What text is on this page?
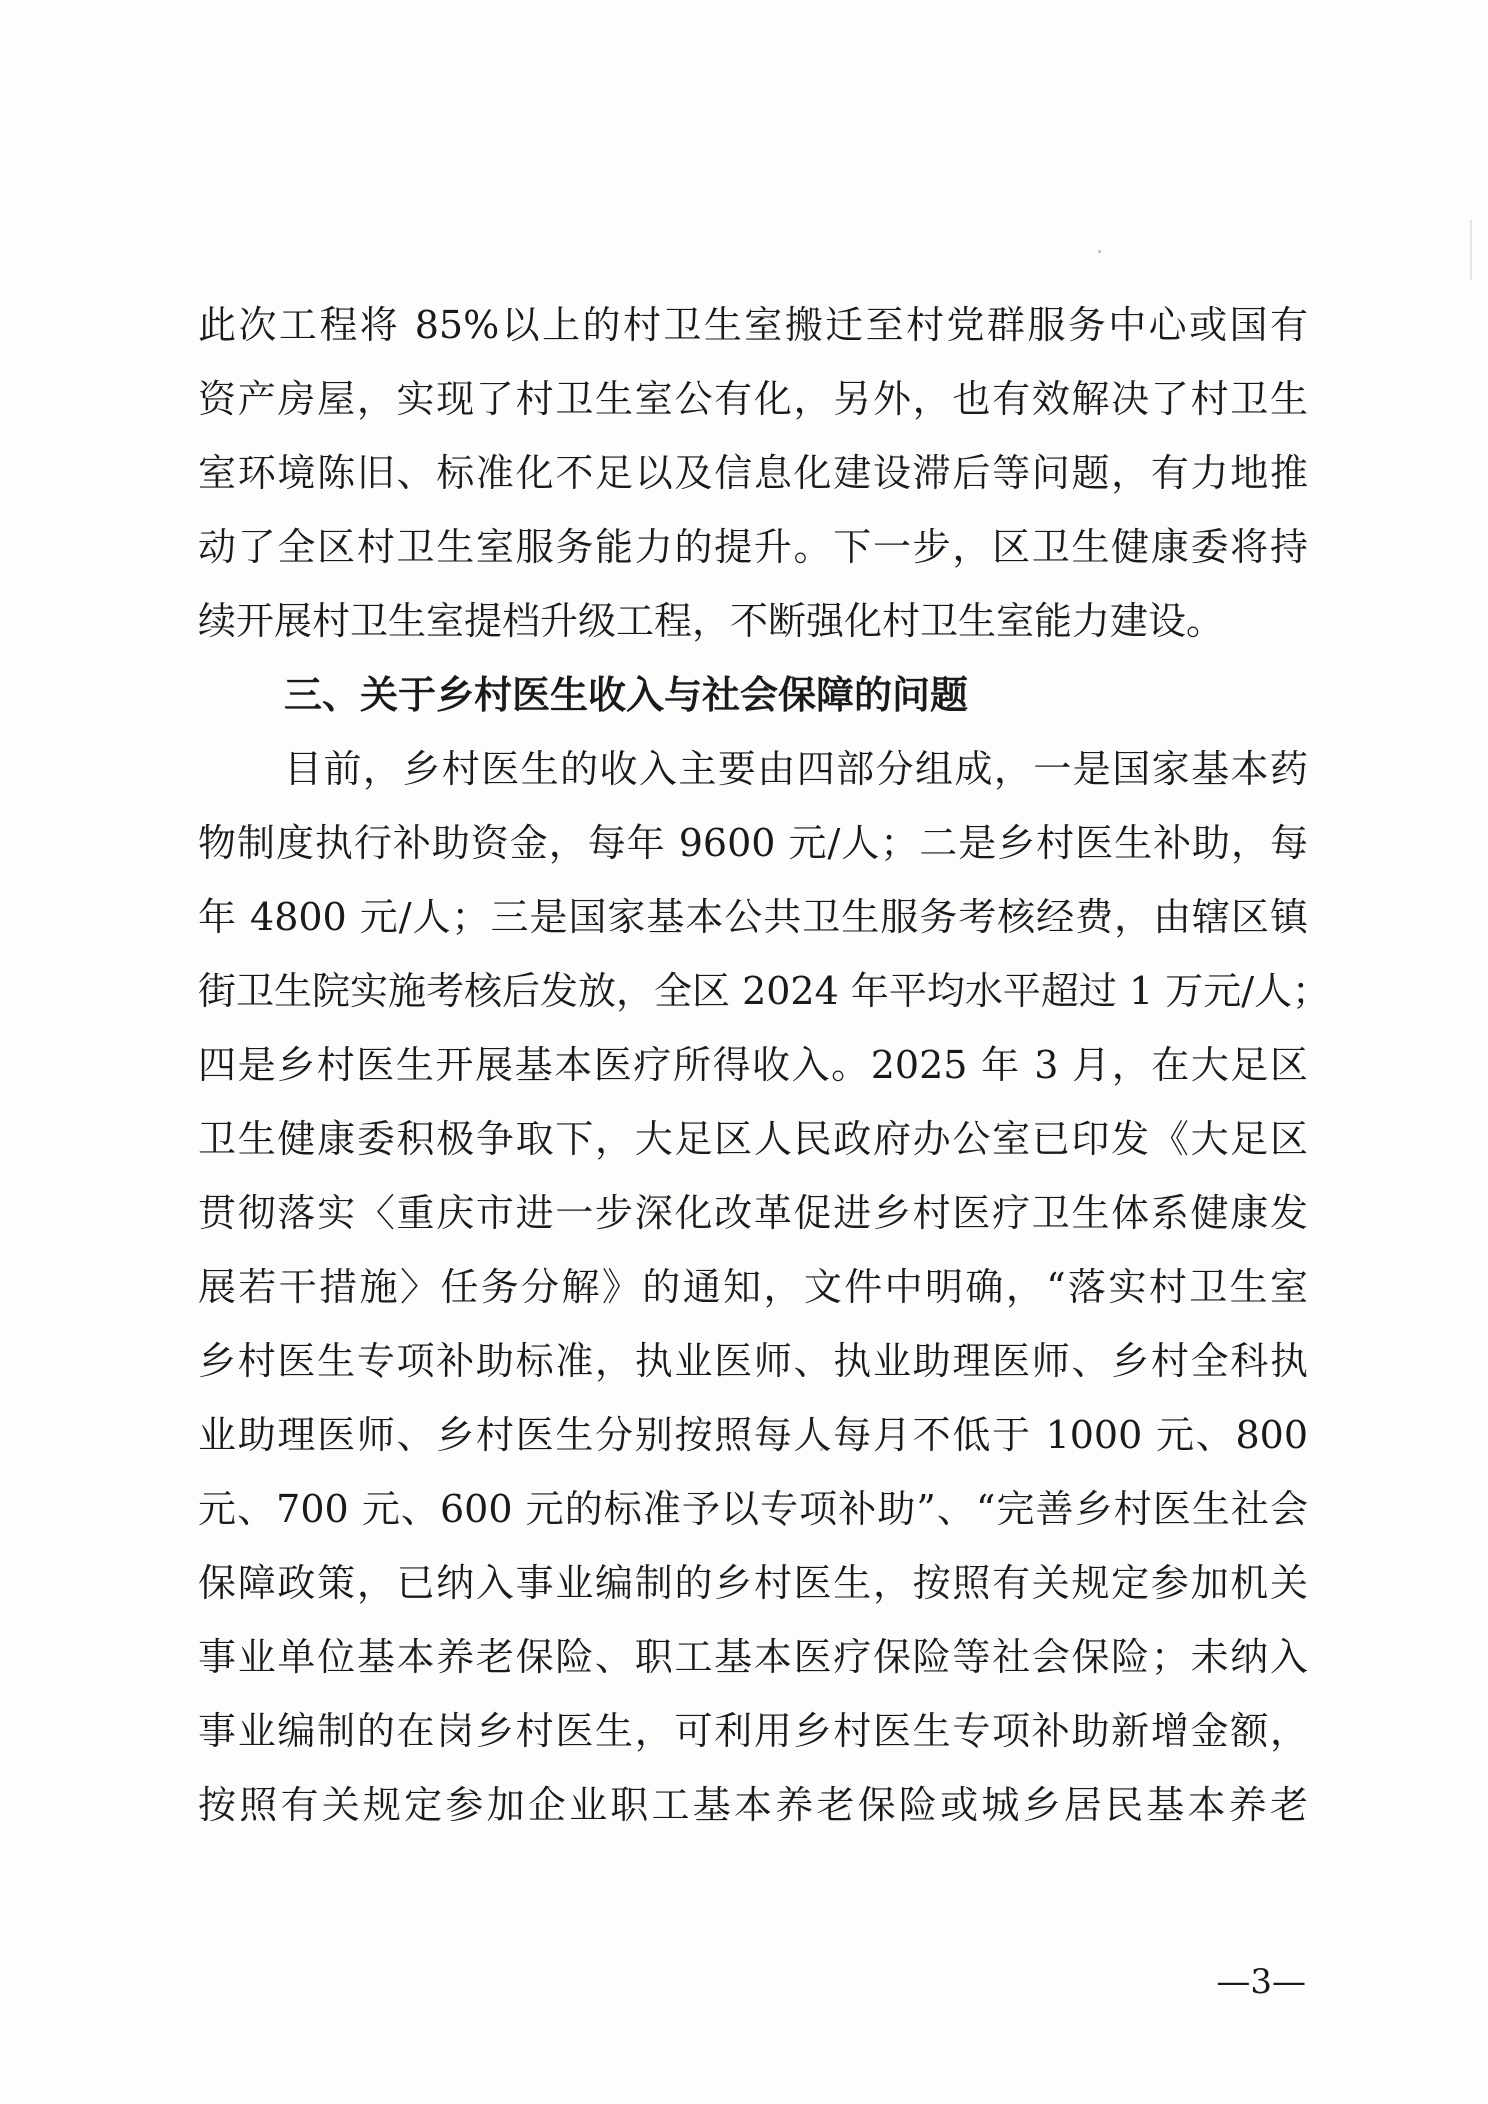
此次工程将 85%以上的村卫生室搬迁至村党群服务中心或国有
资产房屋，实现了村卫生室公有化，另外，也有效解决了村卫生
室环境陈旧、标准化不足以及信息化建设滞后等问题，有力地推
动了全区村卫生室服务能力的提升。下一步，区卫生健康委将持
续开展村卫生室提档升级工程，不断强化村卫生室能力建设。
三、关于乡村医生收入与社会保障的问题
目前，乡村医生的收入主要由四部分组成，一是国家基本药
物制度执行补助资金，每年 9600 元/人；二是乡村医生补助，每
年 4800 元/人；三是国家基本公共卫生服务考核经费，由辖区镇
街卫生院实施考核后发放，全区 2024 年平均水平超过 1 万元/人；
四是乡村医生开展基本医疗所得收入。2025 年 3 月，在大足区
卫生健康委积极争取下，大足区人民政府办公室已印发《大足区
贯彻落实〈重庆市进一步深化改革促进乡村医疗卫生体系健康发
展若干措施〉任务分解》的通知，文件中明确，“落实村卫生室
乡村医生专项补助标准，执业医师、执业助理医师、乡村全科执
业助理医师、乡村医生分别按照每人每月不低于 1000 元、800
元、700 元、600 元的标准予以专项补助”、“完善乡村医生社会
保障政策，已纳入事业编制的乡村医生，按照有关规定参加机关
事业单位基本养老保险、职工基本医疗保险等社会保险；未纳入
事业编制的在岗乡村医生，可利用乡村医生专项补助新增金额，
按照有关规定参加企业职工基本养老保险或城乡居民基本养老
—3—
